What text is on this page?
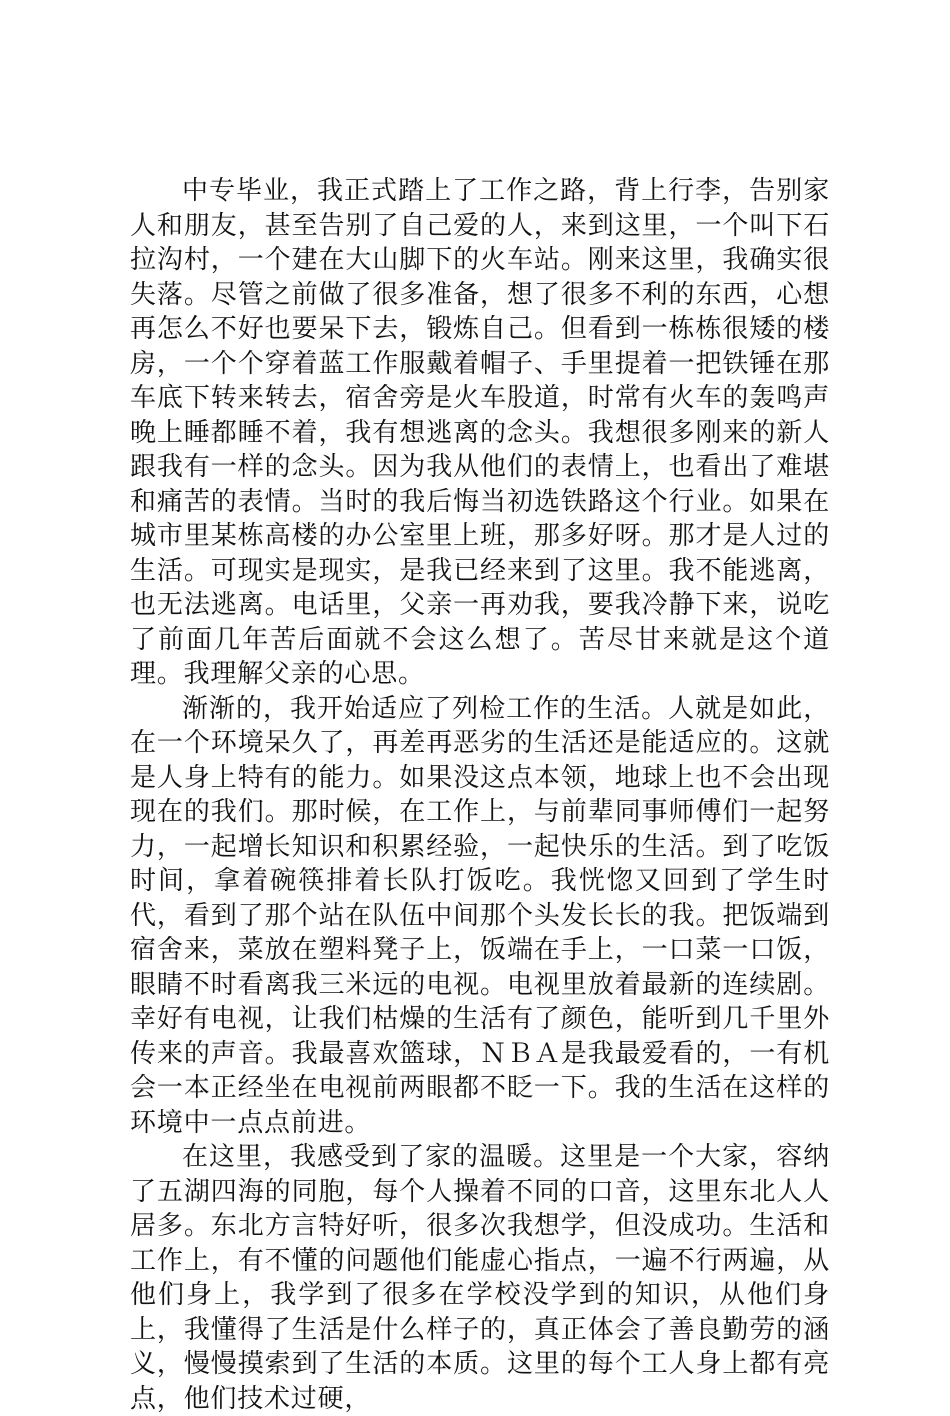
中专毕业，我正式踏上了工作之路，背上行李，告别家人和朋友，甚至告别了自己爱的人，来到这里，一个叫下石拉沟村，一个建在大山脚下的火车站。刚来这里，我确实很失落。尽管之前做了很多准备，想了很多不利的东西，心想再怎么不好也要呆下去，锻炼自己。但看到一栋栋很矮的楼房，一个个穿着蓝工作服戴着帽子、手里提着一把铁锤在那车底下转来转去，宿舍旁是火车股道，时常有火车的轰鸣声晚上睡都睡不着，我有想逃离的念头。我想很多刚来的新人跟我有一样的念头。因为我从他们的表情上，也看出了难堪和痛苦的表情。当时的我后悔当初选铁路这个行业。如果在城市里某栋高楼的办公室里上班，那多好呀。那才是人过的生活。可现实是现实，是我已经来到了这里。我不能逃离，也无法逃离。电话里，父亲一再劝我，要我冷静下来，说吃了前面几年苦后面就不会这么想了。苦尽甘来就是这个道理。我理解父亲的心思。

渐渐的，我开始适应了列检工作的生活。人就是如此，在一个环境呆久了，再差再恶劣的生活还是能适应的。这就是人身上特有的能力。如果没这点本领，地球上也不会出现现在的我们。那时候，在工作上，与前辈同事师傅们一起努力，一起增长知识和积累经验，一起快乐的生活。到了吃饭时间，拿着碗筷排着长队打饭吃。我恍惚又回到了学生时代，看到了那个站在队伍中间那个头发长长的我。把饭端到宿舍来，菜放在塑料凳子上，饭端在手上，一口菜一口饭，眼睛不时看离我三米远的电视。电视里放着最新的连续剧。幸好有电视，让我们枯燥的生活有了颜色，能听到几千里外传来的声音。我最喜欢篮球，ＮＢＡ是我最爱看的，一有机会一本正经坐在电视前两眼都不眨一下。我的生活在这样的环境中一点点前进。

在这里，我感受到了家的温暖。这里是一个大家，容纳了五湖四海的同胞，每个人操着不同的口音，这里东北人人居多。东北方言特好听，很多次我想学，但没成功。生活和工作上，有不懂的问题他们能虚心指点，一遍不行两遍，从他们身上，我学到了很多在学校没学到的知识，从他们身上，我懂得了生活是什么样子的，真正体会了善良勤劳的涵义，慢慢摸索到了生活的本质。这里的每个工人身上都有亮点，他们技术过硬，
